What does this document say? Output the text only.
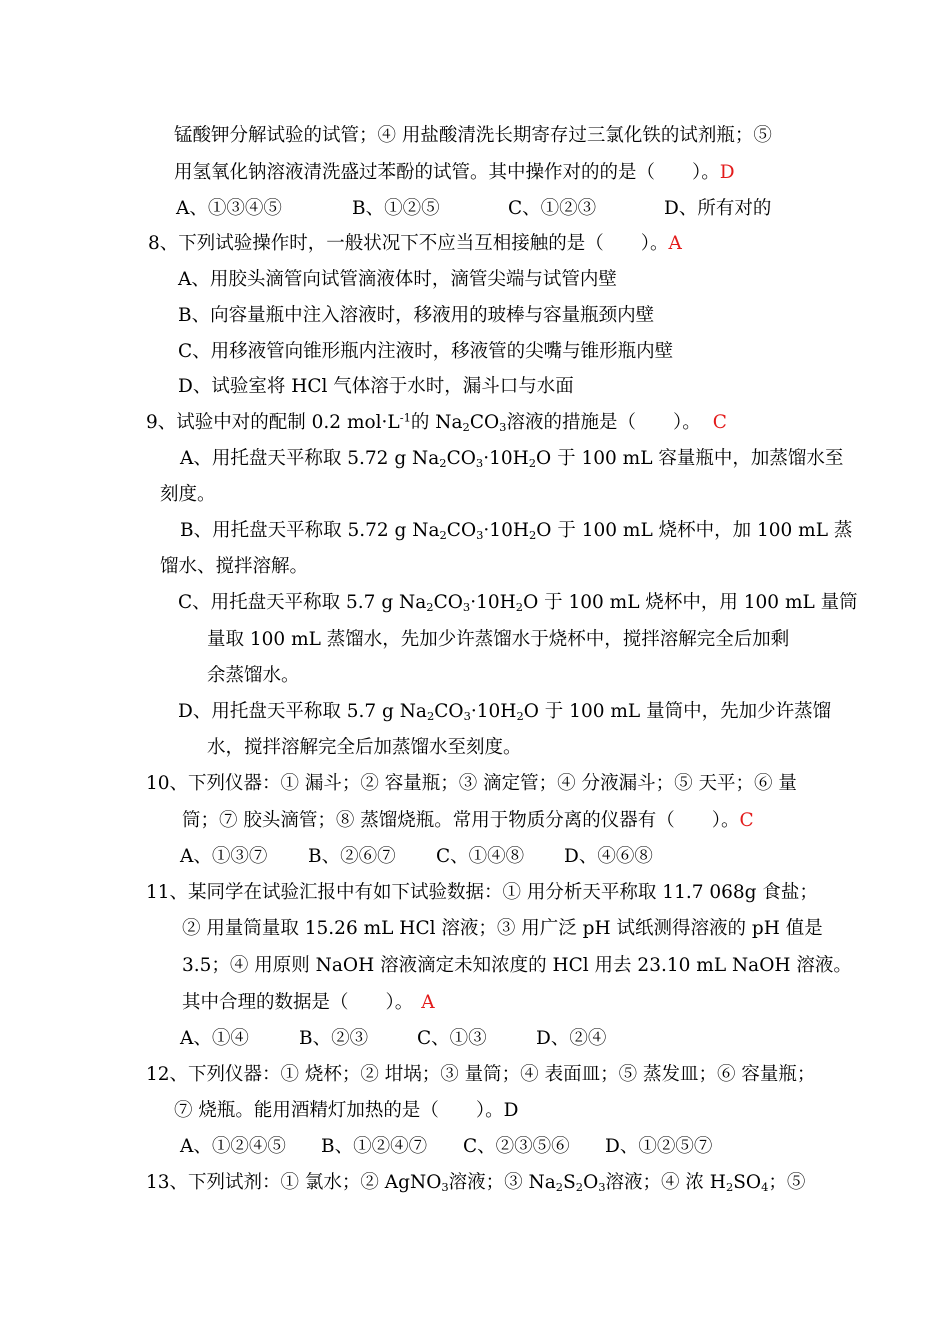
锰酸钾分解试验的试管；④ 用盐酸清洗长期寄存过三氯化铁的试剂瓶；⑤
用氢氧化钠溶液清洗盛过苯酚的试管。其中操作对的的是（　　）。D
A、①③④⑤	B、①②⑤	C、①②③	D、所有对的
8、下列试验操作时，一般状况下不应当互相接触的是（　　）。A
A、用胶头滴管向试管滴液体时，滴管尖端与试管内壁
B、向容量瓶中注入溶液时，移液用的玻棒与容量瓶颈内壁
C、用移液管向锥形瓶内注液时，移液管的尖嘴与锥形瓶内壁
D、试验室将 HCl 气体溶于水时，漏斗口与水面
9、试验中对的配制 0.2 $mol\cdot L^{-1}$的 $Na_2CO_3$溶液的措施是（　　）。 C
A、用托盘天平称取 5.72 g $Na_2CO_3\cdot 10H_2O$ 于 100 mL 容量瓶中，加蒸馏水至
刻度。
B、用托盘天平称取 5.72 g $Na_2CO_3\cdot 10H_2O$ 于 100 mL 烧杯中，加 100 mL 蒸
馏水、搅拌溶解。
C、用托盘天平称取 5.7 g $Na_2CO_3\cdot 10H_2O$ 于 100 mL 烧杯中，用 100 mL 量筒
量取 100 mL 蒸馏水，先加少许蒸馏水于烧杯中，搅拌溶解完全后加剩
余蒸馏水。
D、用托盘天平称取 5.7 g $Na_2CO_3\cdot 10H_2O$ 于 100 mL 量筒中，先加少许蒸馏
水，搅拌溶解完全后加蒸馏水至刻度。
10、下列仪器：① 漏斗；② 容量瓶；③ 滴定管；④ 分液漏斗；⑤ 天平；⑥ 量
筒；⑦ 胶头滴管；⑧ 蒸馏烧瓶。常用于物质分离的仪器有（　　）。C
A、①③⑦ B、②⑥⑦ C、①④⑧ D、④⑥⑧
11、某同学在试验汇报中有如下试验数据：① 用分析天平称取 11.7 068g 食盐；
② 用量筒量取 15.26 mL HCl 溶液；③ 用广泛 pH 试纸测得溶液的 pH 值是
3.5；④ 用原则 NaOH 溶液滴定未知浓度的 HCl 用去 23.10 mL NaOH 溶液。
其中合理的数据是（　　）。 A
A、①④	B、②③	C、①③	D、②④
12、下列仪器：① 烧杯；② 坩埚；③ 量筒；④ 表面皿；⑤ 蒸发皿；⑥ 容量瓶；
⑦ 烧瓶。能用酒精灯加热的是（　　）。D
A、①②④⑤ B、①②④⑦ C、②③⑤⑥ D、①②⑤⑦
13、下列试剂：① 氯水；② AgNO$_3$溶液；③ $Na_2S_2O_3$溶液；④ 浓 $H_2SO_4$；⑤
